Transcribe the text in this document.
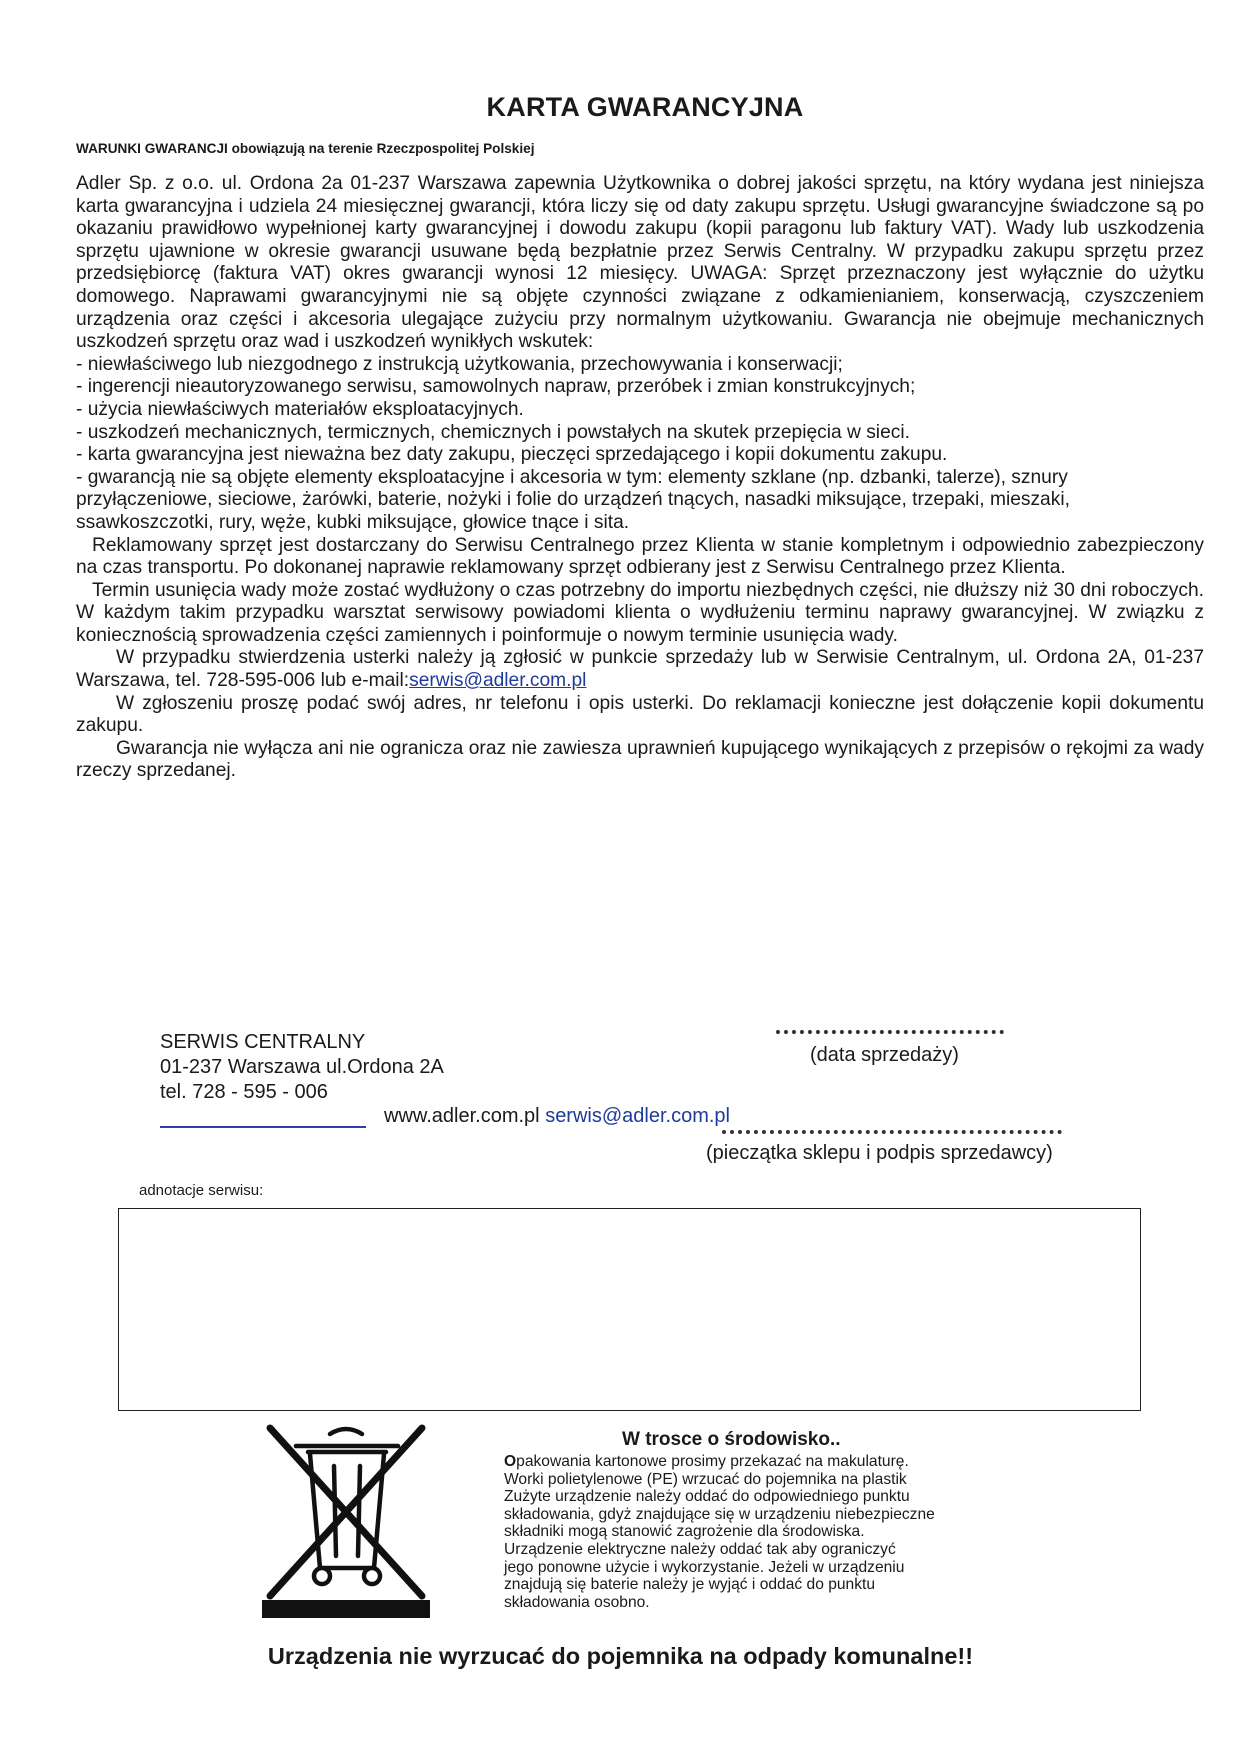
KARTA GWARANCYJNA
WARUNKI GWARANCJI obowiązują na terenie Rzeczpospolitej Polskiej

Adler Sp. z o.o. ul. Ordona 2a 01-237 Warszawa zapewnia Użytkownika o dobrej jakości sprzętu, na który wydana jest niniejsza karta gwarancyjna i udziela 24 miesięcznej gwarancji, która liczy się od daty zakupu sprzętu. Usługi gwarancyjne świadczone są po okazaniu prawidłowo wypełnionej karty gwarancyjnej i dowodu zakupu (kopii paragonu lub faktury VAT). Wady lub uszkodzenia sprzętu ujawnione w okresie gwarancji usuwane będą bezpłatnie przez Serwis Centralny. W przypadku zakupu sprzętu przez przedsiębiorcę (faktura VAT) okres gwarancji wynosi 12 miesięcy. UWAGA: Sprzęt przeznaczony jest wyłącznie do użytku domowego. Naprawami gwarancyjnymi nie są objęte czynności związane z odkamienianiem, konserwacją, czyszczeniem urządzenia oraz części i akcesoria ulegające zużyciu przy normalnym użytkowaniu. Gwarancja nie obejmuje mechanicznych uszkodzeń sprzętu oraz wad i uszkodzeń wynikłych wskutek:

- niewłaściwego lub niezgodnego z instrukcją użytkowania, przechowywania i konserwacji;

- ingerencji nieautoryzowanego serwisu, samowolnych napraw, przeróbek i zmian konstrukcyjnych;

- użycia niewłaściwych materiałów eksploatacyjnych.

- uszkodzeń mechanicznych, termicznych, chemicznych i powstałych na skutek przepięcia w sieci.

- karta gwarancyjna jest nieważna bez daty zakupu, pieczęci sprzedającego i kopii dokumentu zakupu.

- gwarancją nie są objęte elementy eksploatacyjne i akcesoria w tym: elementy szklane (np. dzbanki, talerze), sznury przyłączeniowe, sieciowe, żarówki, baterie, nożyki i folie do urządzeń tnących, nasadki miksujące, trzepaki, mieszaki, ssawkoszczotki, rury, węże, kubki miksujące, głowice tnące i sita.

Reklamowany sprzęt jest dostarczany do Serwisu Centralnego przez Klienta w stanie kompletnym i odpowiednio zabezpieczony na czas transportu. Po dokonanej naprawie reklamowany sprzęt odbierany jest z Serwisu Centralnego przez Klienta.

Termin usunięcia wady może zostać wydłużony o czas potrzebny do importu niezbędnych części, nie dłuższy niż 30 dni roboczych. W każdym takim przypadku warsztat serwisowy powiadomi klienta o wydłużeniu terminu naprawy gwarancyjnej. W związku z koniecznością sprowadzenia części zamiennych i poinformuje o nowym terminie usunięcia wady.

W przypadku stwierdzenia usterki należy ją zgłosić w punkcie sprzedaży lub w Serwisie Centralnym, ul. Ordona 2A, 01-237 Warszawa, tel. 728-595-006 lub e-mail:serwis@adler.com.pl

W zgłoszeniu proszę podać swój adres, nr telefonu i opis usterki. Do reklamacji konieczne jest dołączenie kopii dokumentu zakupu.

Gwarancja nie wyłącza ani nie ogranicza oraz nie zawiesza uprawnień kupującego wynikających z przepisów o rękojmi za wady rzeczy sprzedanej.

SERWIS CENTRALNY
01-237 Warszawa ul.Ordona 2A
tel. 728 - 595 - 006
www.adler.com.pl serwis@adler.com.pl
(data sprzedaży)
(pieczątka sklepu i podpis sprzedawcy)
adnotacje serwisu:
W trosce o środowisko..

Opakowania kartonowe prosimy przekazać na makulaturę.

Worki polietylenowe (PE) wrzucać do pojemnika na plastik

Zużyte urządzenie należy oddać do odpowiedniego punktu

składowania, gdyż znajdujące się w urządzeniu niebezpieczne

składniki mogą stanowić zagrożenie dla środowiska.

Urządzenie elektryczne należy oddać tak aby ograniczyć

jego ponowne użycie i wykorzystanie. Jeżeli w urządzeniu

znajdują się baterie należy je wyjąć i oddać do punktu

składowania osobno.

Urządzenia nie wyrzucać do pojemnika na odpady komunalne!!
